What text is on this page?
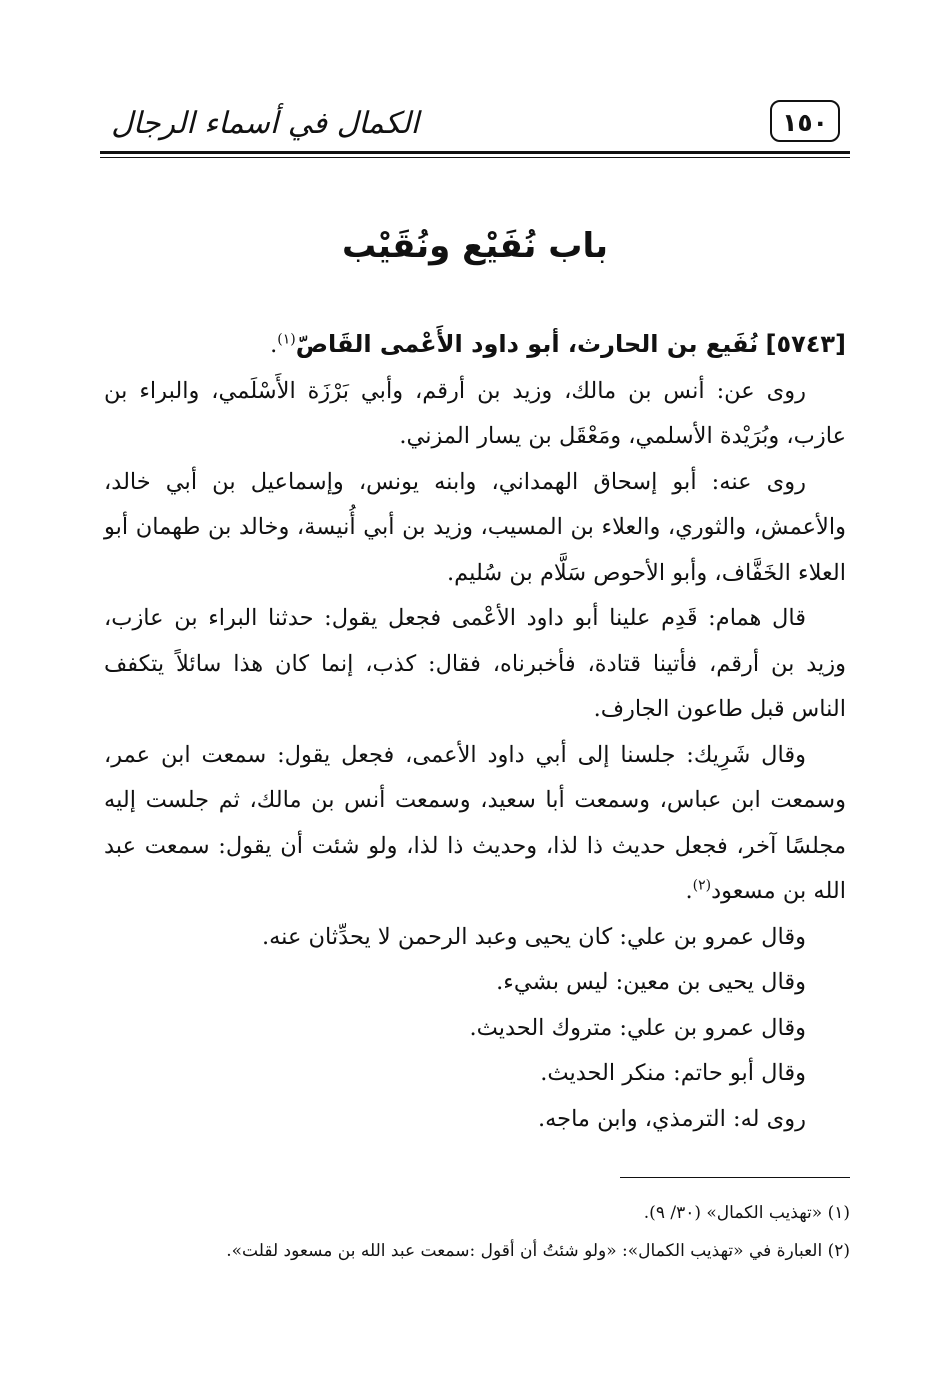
الكمال في أسماء الرجال	١٥٠
باب نُفَيْع ونُقَيْب

[٥٧٤٣] نُفَيع بن الحارث، أبو داود الأَعْمى القَاصّ$^{(١)}$.

روى عن: أنس بن مالك، وزيد بن أرقم، وأبي بَرْزَة الأَسْلَمي، والبراء بن عازب، وبُرَيْدة الأسلمي، ومَعْقَل بن يسار المزني.

روى عنه: أبو إسحاق الهمداني، وابنه يونس، وإسماعيل بن أبي خالد، والأعمش، والثوري، والعلاء بن المسيب، وزيد بن أبي أُنيسة، وخالد بن طهمان أبو العلاء الخَفَّاف، وأبو الأحوص سَلَّام بن سُليم.

قال همام: قَدِم علينا أبو داود الأعْمى فجعل يقول: حدثنا البراء بن عازب، وزيد بن أرقم، فأتينا قتادة، فأخبرناه، فقال: كذب، إنما كان هذا سائلاً يتكفف الناس قبل طاعون الجارف.

وقال شَرِيك: جلسنا إلى أبي داود الأعمى، فجعل يقول: سمعت ابن عمر، وسمعت ابن عباس، وسمعت أبا سعيد، وسمعت أنس بن مالك، ثم جلست إليه مجلسًا آخر، فجعل حديث ذا لذا، وحديث ذا لذا، ولو شئت أن يقول: سمعت عبد الله بن مسعود$^{(٢)}$.

وقال عمرو بن علي: كان يحيى وعبد الرحمن لا يحدِّثان عنه.

وقال يحيى بن معين: ليس بشيء.

وقال عمرو بن علي: متروك الحديث.

وقال أبو حاتم: منكر الحديث.

روى له: الترمذي، وابن ماجه.

(١) «تهذيب الكمال» (٣٠/ ٩).

(٢) العبارة في «تهذيب الكمال»: «ولو شئتُ أن أقول :سمعت عبد الله بن مسعود لقلت».
